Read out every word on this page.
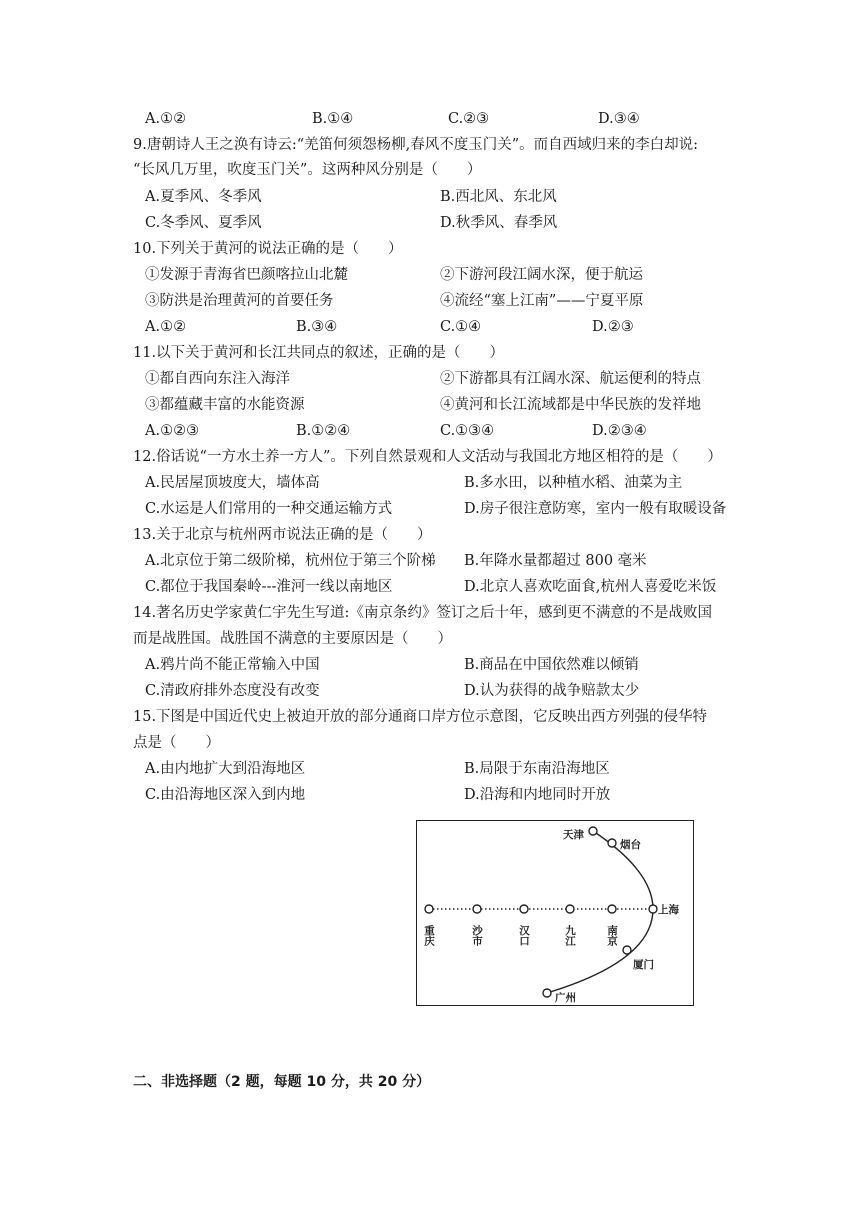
A.①②	B.①④	C.②③	D.③④
9.唐朝诗人王之涣有诗云:“羌笛何须怨杨柳,春风不度玉门关”。而自西域归来的李白却说:
“长风几万里，吹度玉门关”。这两种风分别是（　　）
A.夏季风、冬季风	B.西北风、东北风
C.冬季风、夏季风	D.秋季风、春季风
10.下列关于黄河的说法正确的是（　　）
①发源于青海省巴颜喀拉山北麓	②下游河段江阔水深，便于航运
③防洪是治理黄河的首要任务	④流经“塞上江南”——宁夏平原
A.①②	B.③④	C.①④	D.②③
11.以下关于黄河和长江共同点的叙述，正确的是（　　）
①都自西向东注入海洋	②下游都具有江阔水深、航运便利的特点
③都蕴藏丰富的水能资源	④黄河和长江流域都是中华民族的发祥地
A.①②③	B.①②④	C.①③④	D.②③④
12.俗话说“一方水土养一方人”。下列自然景观和人文活动与我国北方地区相符的是（　　）
A.民居屋顶坡度大，墙体高	B.多水田，以种植水稻、油菜为主
C.水运是人们常用的一种交通运输方式	D.房子很注意防寒，室内一般有取暖设备
13.关于北京与杭州两市说法正确的是（　　）
A.北京位于第二级阶梯，杭州位于第三个阶梯 B.年降水量都超过 800 毫米
C.都位于我国秦岭---淮河一线以南地区	D.北京人喜欢吃面食,杭州人喜爱吃米饭
14.著名历史学家黄仁宇先生写道:《南京条约》签订之后十年，感到更不满意的不是战败国
而是战胜国。战胜国不满意的主要原因是（　　）
A.鸦片尚不能正常输入中国	B.商品在中国依然难以倾销
C.清政府排外态度没有改变	D.认为获得的战争赔款太少
15.下图是中国近代史上被迫开放的部分通商口岸方位示意图，它反映出西方列强的侵华特
点是（　　）
A.由内地扩大到沿海地区	B.局限于东南沿海地区
C.由沿海地区深入到内地	D.沿海和内地同时开放
天津
烟台
上海
厦门
广州
重庆	沙市	汉口	九江	南京
二、非选择题（2 题，每题 10 分，共 20 分）
